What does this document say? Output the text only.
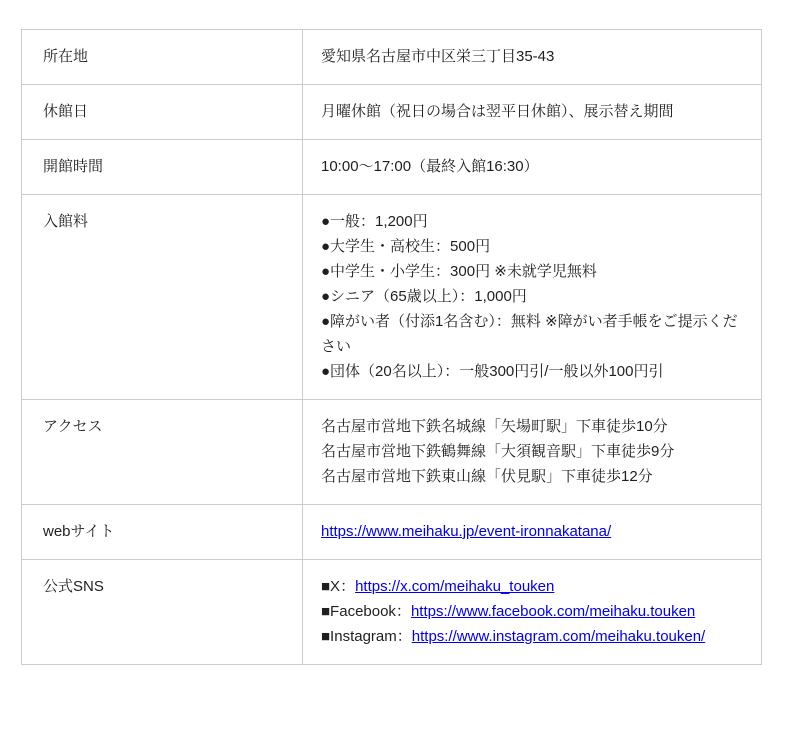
所在地	愛知県名古屋市中区栄三丁目35-43
休館日	月曜休館（祝日の場合は翌平日休館）、展示替え期間
開館時間	10:00〜17:00（最終入館16:30）
入館料	●一般：1,200円
●大学生・高校生：500円
●中学生・小学生：300円 ※未就学児無料
●シニア（65歳以上）：1,000円
●障がい者（付添1名含む）：無料 ※障がい者手帳をご提示ください
●団体（20名以上）：一般300円引/一般以外100円引
アクセス	名古屋市営地下鉄名城線「矢場町駅」下車徒歩10分
名古屋市営地下鉄鶴舞線「大須観音駅」下車徒歩9分
名古屋市営地下鉄東山線「伏見駅」下車徒歩12分
webサイト	https://www.meihaku.jp/event-ironnakatana/
公式SNS	■X：https://x.com/meihaku_touken
■Facebook：https://www.facebook.com/meihaku.touken
■Instagram：https://www.instagram.com/meihaku.touken/
